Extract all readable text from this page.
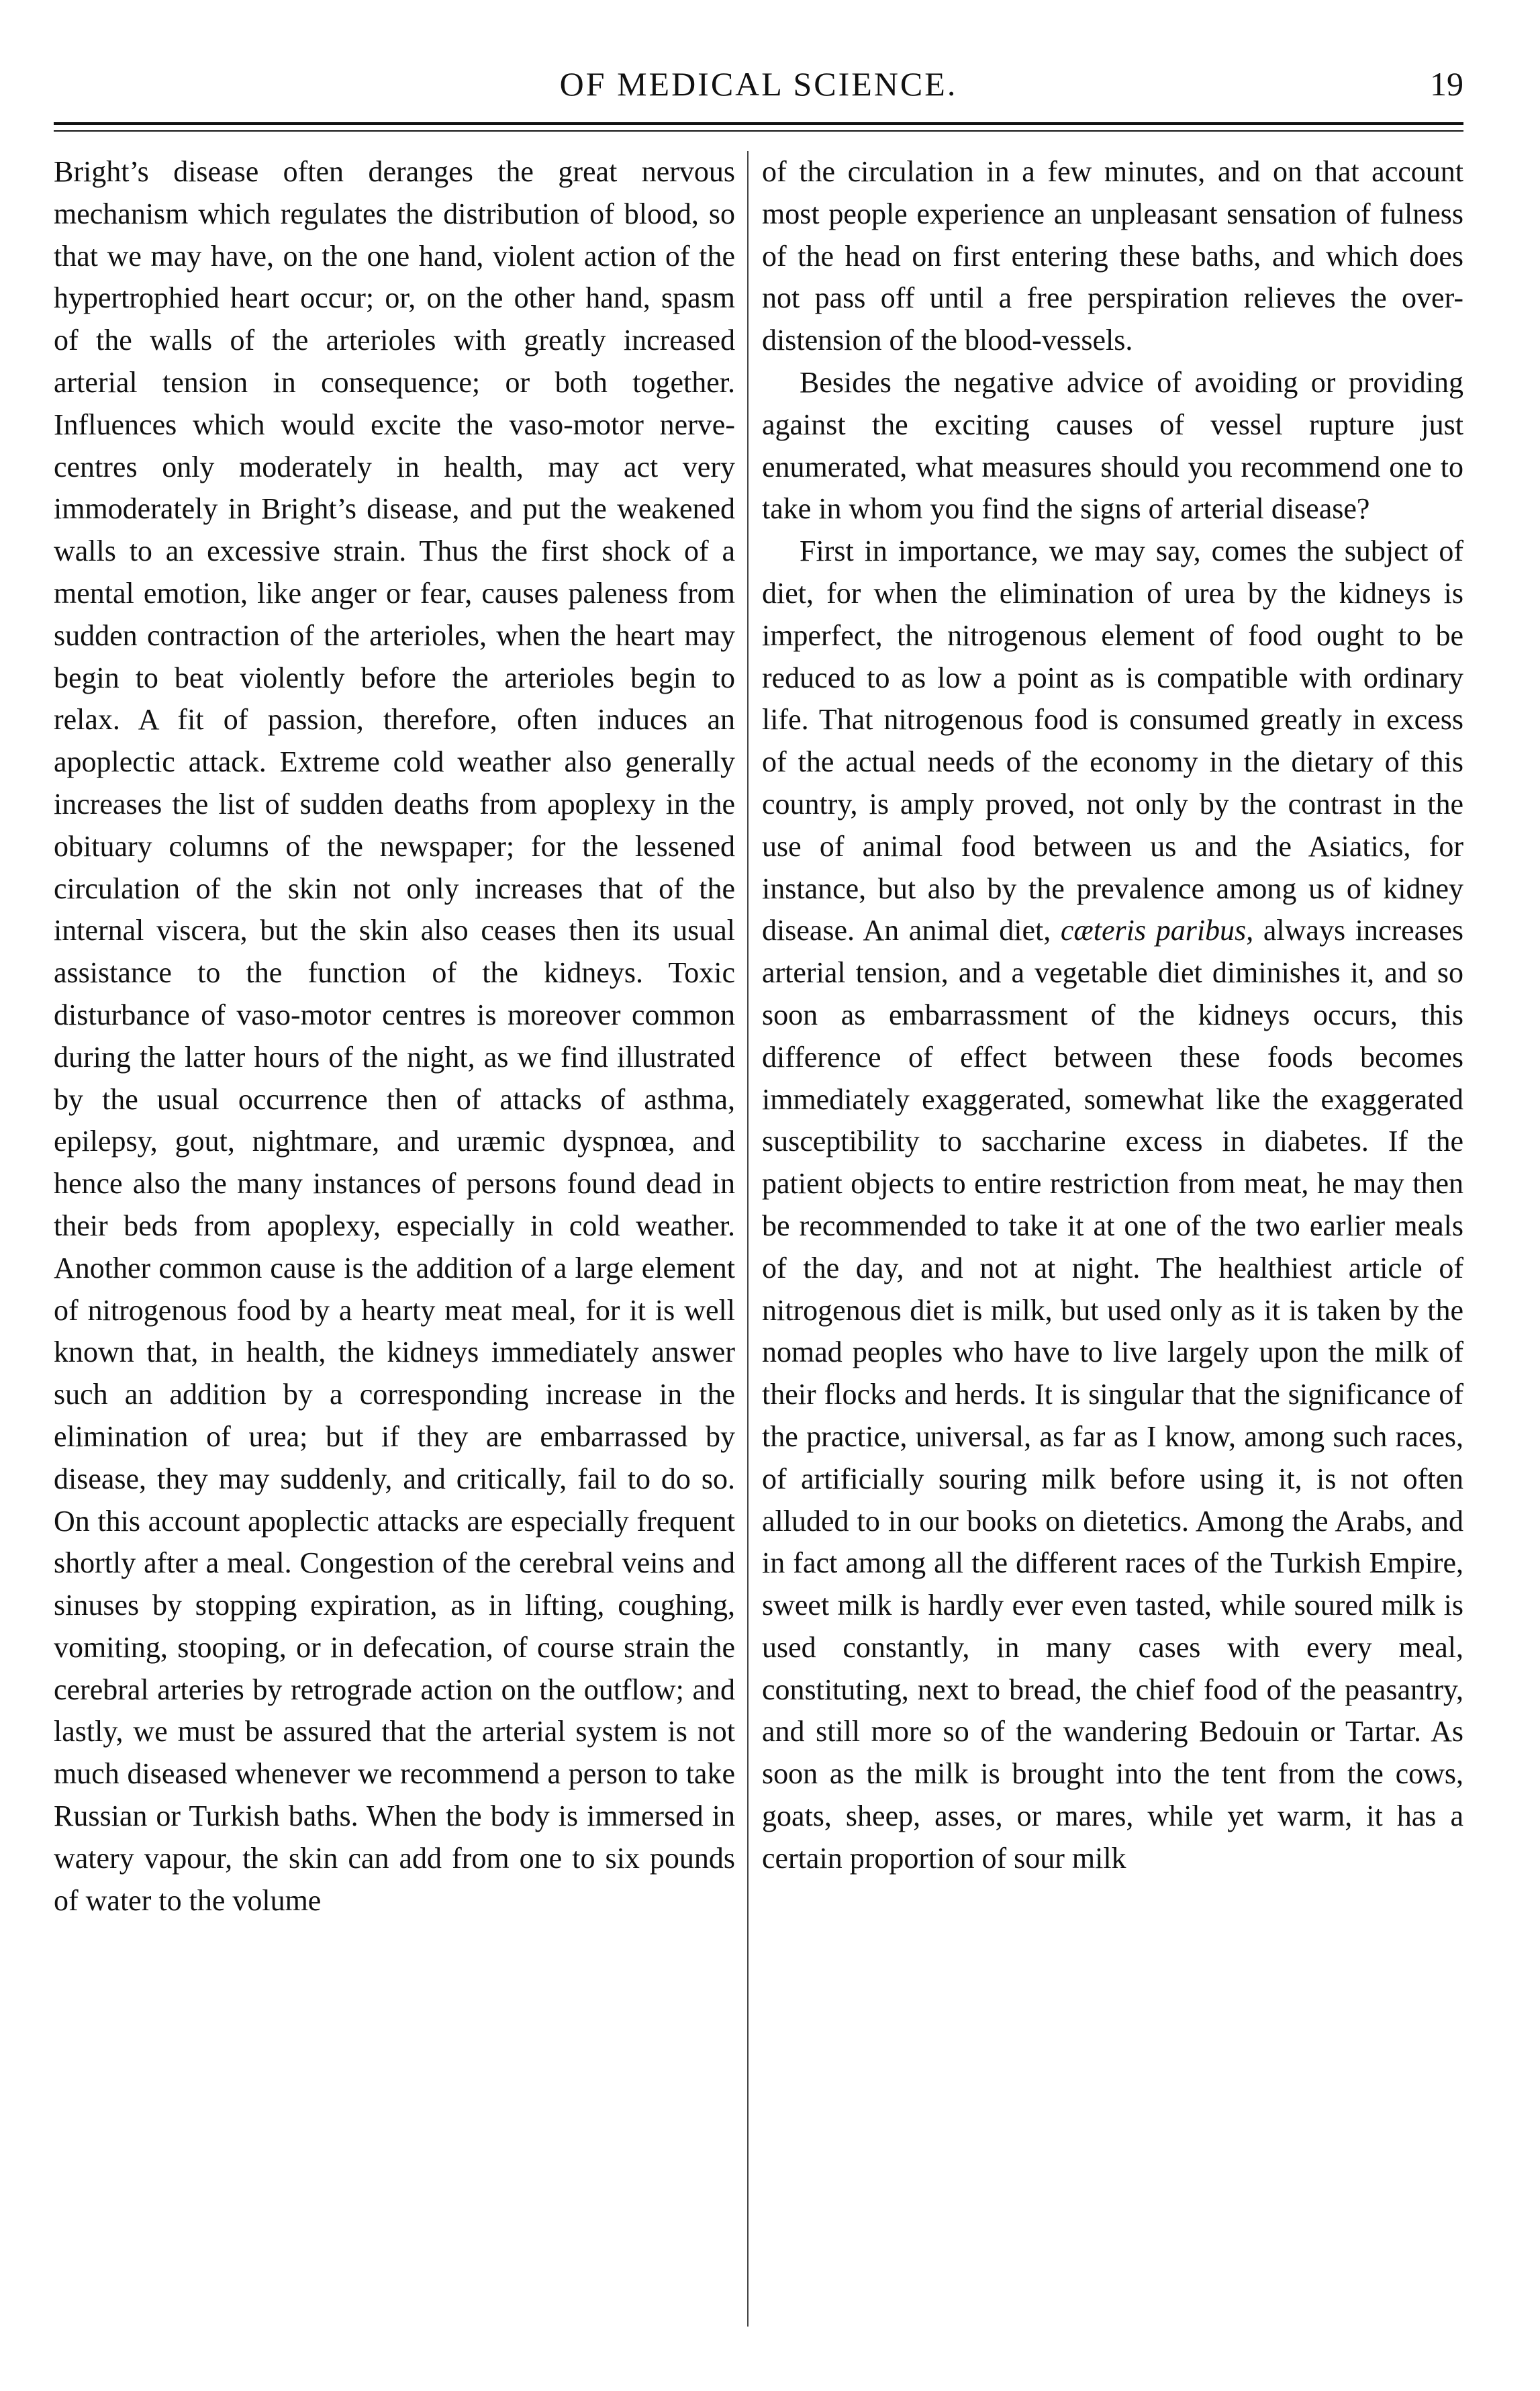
OF MEDICAL SCIENCE.	19

Bright’s disease often deranges the great nervous mechanism which regulates the distribution of blood, so that we may have, on the one hand, violent action of the hypertrophied heart occur; or, on the other hand, spasm of the walls of the arterioles with greatly increased arterial tension in consequence; or both together. Influences which would excite the vaso-motor nerve-centres only moderately in health, may act very immoderately in Bright’s disease, and put the weakened walls to an excessive strain. Thus the first shock of a mental emotion, like anger or fear, causes paleness from sudden contraction of the arterioles, when the heart may begin to beat violently before the arterioles begin to relax. A fit of passion, therefore, often induces an apoplectic attack. Extreme cold weather also generally increases the list of sudden deaths from apoplexy in the obituary columns of the newspaper; for the lessened circulation of the skin not only increases that of the internal viscera, but the skin also ceases then its usual assistance to the function of the kidneys. Toxic disturbance of vaso-motor centres is moreover common during the latter hours of the night, as we find illustrated by the usual occurrence then of attacks of asthma, epilepsy, gout, nightmare, and uræmic dyspnœa, and hence also the many instances of persons found dead in their beds from apoplexy, especially in cold weather. Another common cause is the addition of a large element of nitrogenous food by a hearty meat meal, for it is well known that, in health, the kidneys immediately answer such an addition by a corresponding increase in the elimination of urea; but if they are embarrassed by disease, they may suddenly, and critically, fail to do so. On this account apoplectic attacks are especially frequent shortly after a meal. Congestion of the cerebral veins and sinuses by stopping expiration, as in lifting, coughing, vomiting, stooping, or in defecation, of course strain the cerebral arteries by retrograde action on the outflow; and lastly, we must be assured that the arterial system is not much diseased whenever we recommend a person to take Russian or Turkish baths. When the body is immersed in watery vapour, the skin can add from one to six pounds of water to the volume

of the circulation in a few minutes, and on that account most people experience an unpleasant sensation of fulness of the head on first entering these baths, and which does not pass off until a free perspiration relieves the over-distension of the blood-vessels.

Besides the negative advice of avoiding or providing against the exciting causes of vessel rupture just enumerated, what measures should you recommend one to take in whom you find the signs of arterial disease?

First in importance, we may say, comes the subject of diet, for when the elimination of urea by the kidneys is imperfect, the nitrogenous element of food ought to be reduced to as low a point as is compatible with ordinary life. That nitrogenous food is consumed greatly in excess of the actual needs of the economy in the dietary of this country, is amply proved, not only by the contrast in the use of animal food between us and the Asiatics, for instance, but also by the prevalence among us of kidney disease. An animal diet, cæteris paribus, always increases arterial tension, and a vegetable diet diminishes it, and so soon as embarrassment of the kidneys occurs, this difference of effect between these foods becomes immediately exaggerated, somewhat like the exaggerated susceptibility to saccharine excess in diabetes. If the patient objects to entire restriction from meat, he may then be recommended to take it at one of the two earlier meals of the day, and not at night. The healthiest article of nitrogenous diet is milk, but used only as it is taken by the nomad peoples who have to live largely upon the milk of their flocks and herds. It is singular that the significance of the practice, universal, as far as I know, among such races, of artificially souring milk before using it, is not often alluded to in our books on dietetics. Among the Arabs, and in fact among all the different races of the Turkish Empire, sweet milk is hardly ever even tasted, while soured milk is used constantly, in many cases with every meal, constituting, next to bread, the chief food of the peasantry, and still more so of the wandering Bedouin or Tartar. As soon as the milk is brought into the tent from the cows, goats, sheep, asses, or mares, while yet warm, it has a certain proportion of sour milk
